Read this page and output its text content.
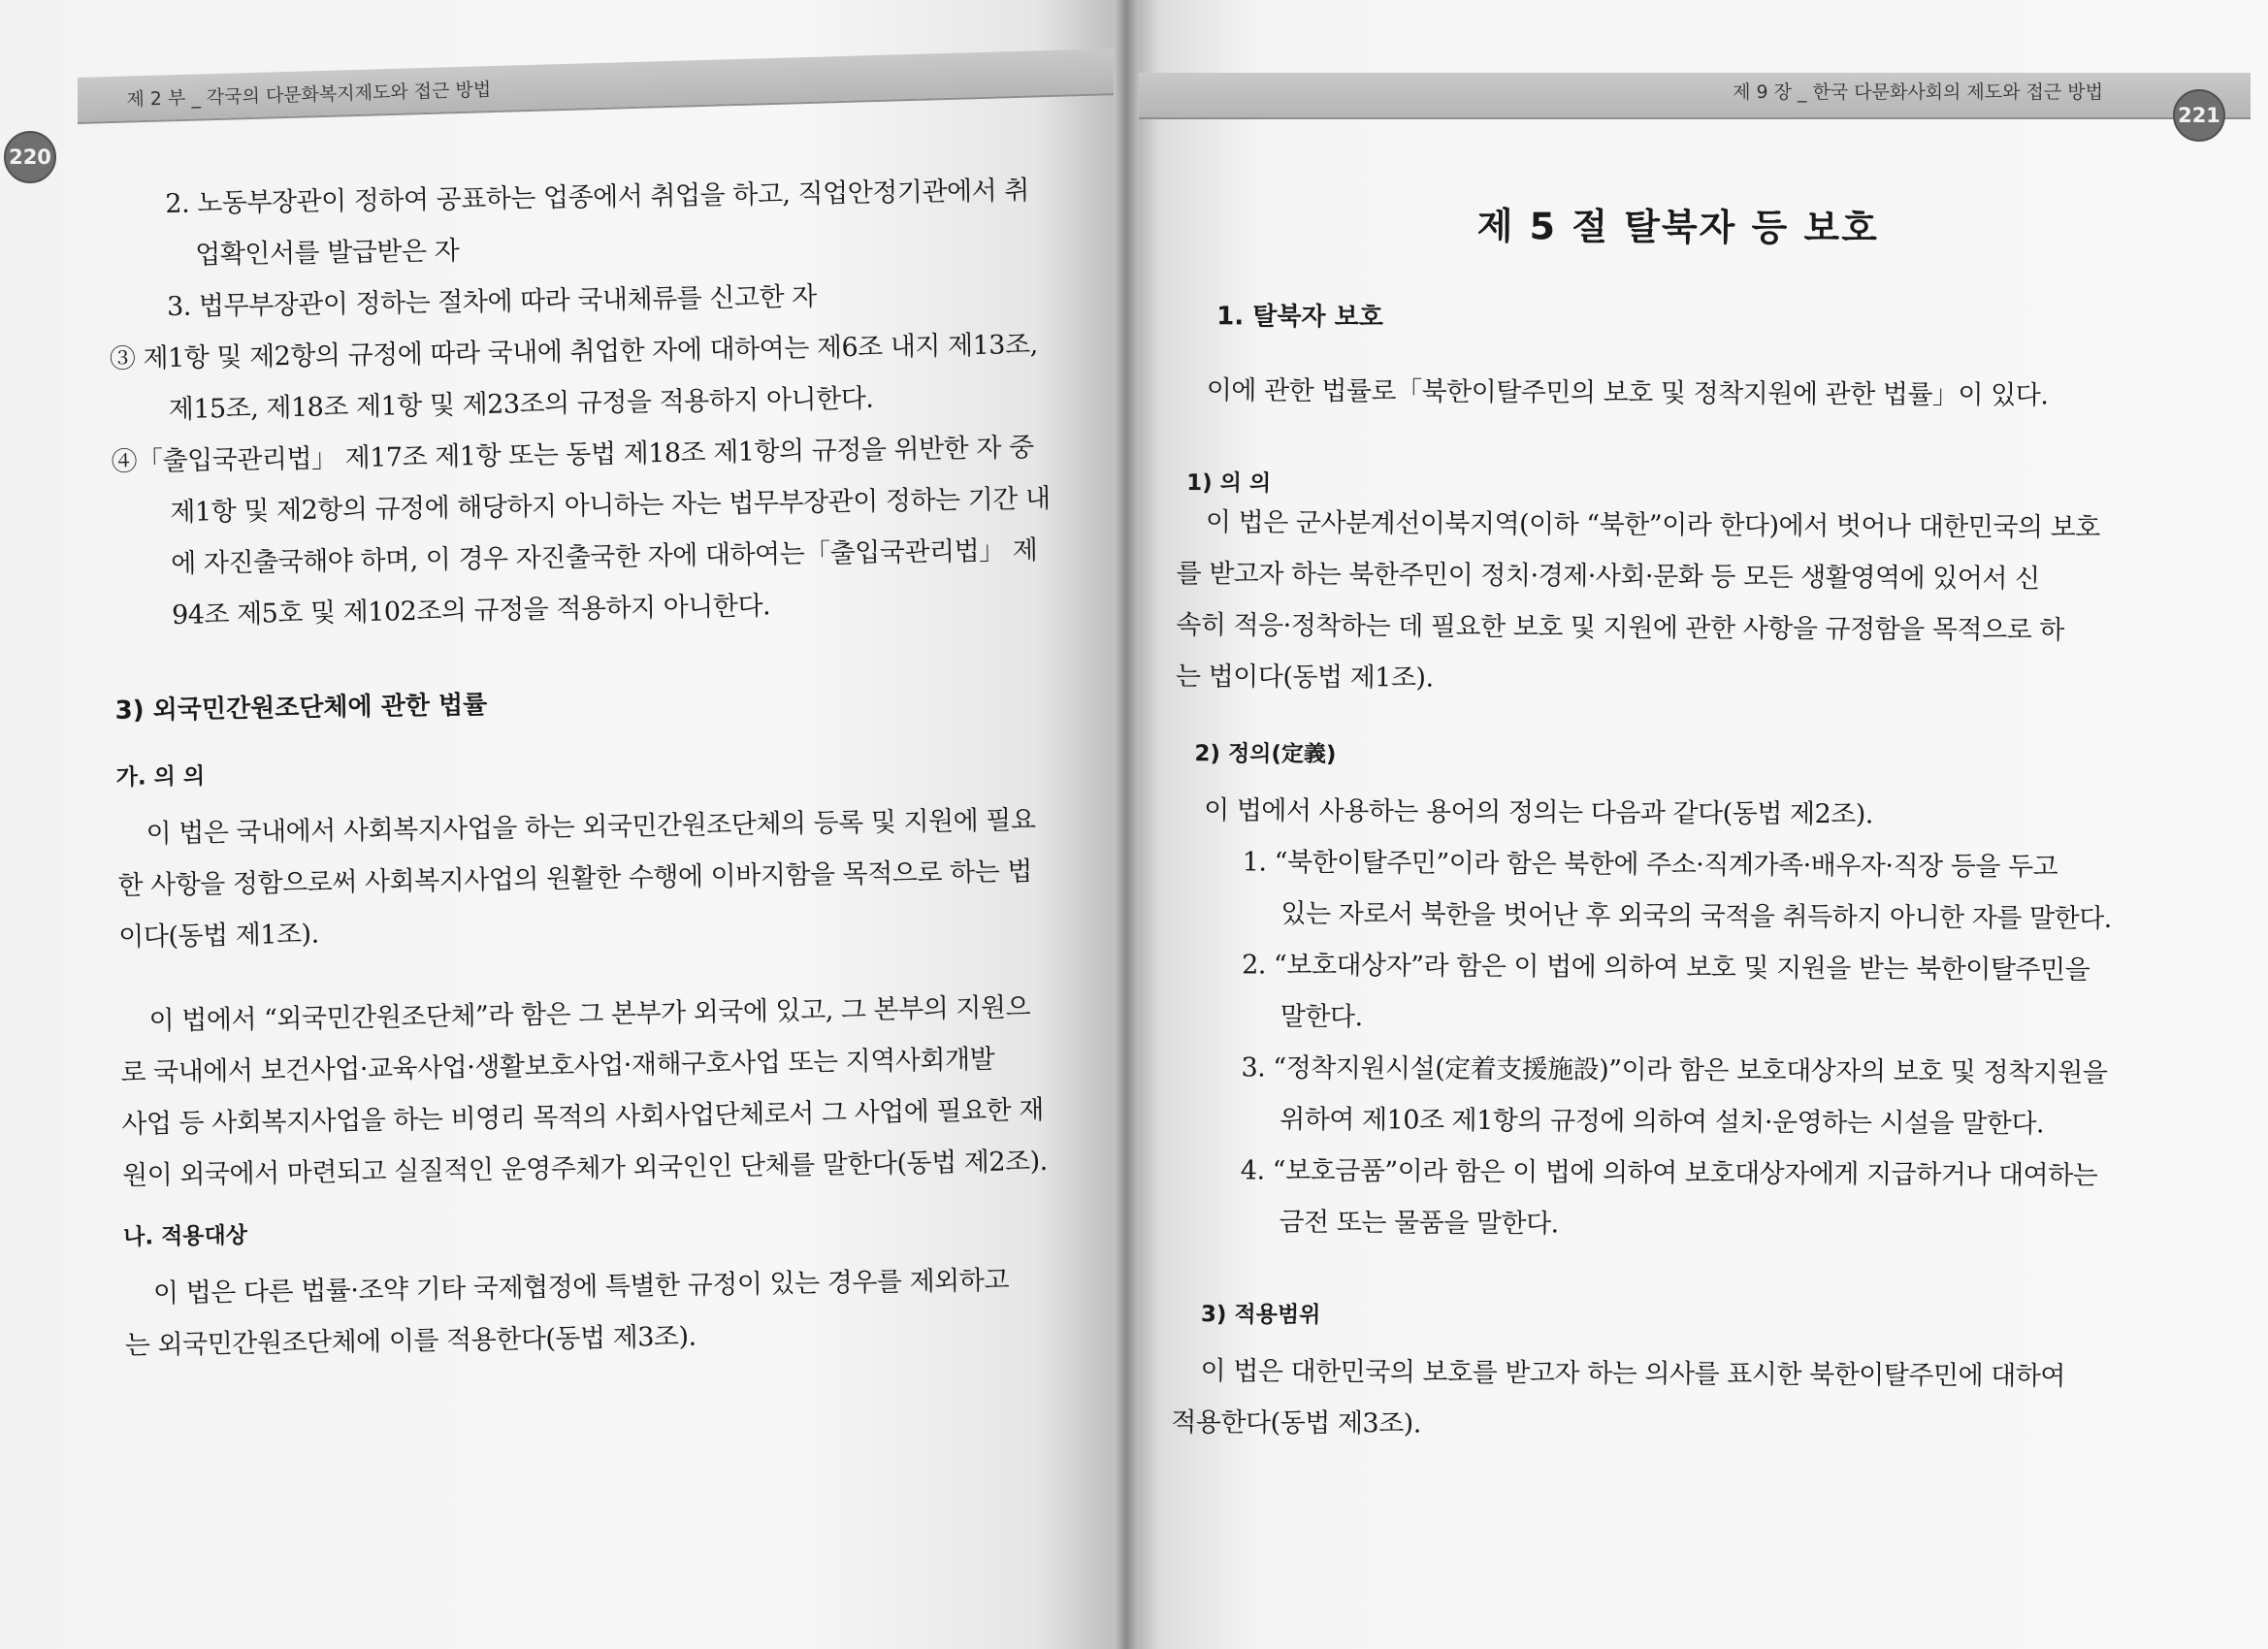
제 2 부 _ 각국의 다문화복지제도와 접근 방법
220

2. 노동부장관이 정하여 공표하는 업종에서 취업을 하고, 직업안정기관에서 취

업확인서를 발급받은 자

3. 법무부장관이 정하는 절차에 따라 국내체류를 신고한 자

③ 제1항 및 제2항의 규정에 따라 국내에 취업한 자에 대하여는 제6조 내지 제13조,

제15조, 제18조 제1항 및 제23조의 규정을 적용하지 아니한다.

④「출입국관리법」 제17조 제1항 또는 동법 제18조 제1항의 규정을 위반한 자 중

제1항 및 제2항의 규정에 해당하지 아니하는 자는 법무부장관이 정하는 기간 내

에 자진출국해야 하며, 이 경우 자진출국한 자에 대하여는「출입국관리법」 제

94조 제5호 및 제102조의 규정을 적용하지 아니한다.

3) 외국민간원조단체에 관한 법률
가. 의 의

이 법은 국내에서 사회복지사업을 하는 외국민간원조단체의 등록 및 지원에 필요

한 사항을 정함으로써 사회복지사업의 원활한 수행에 이바지함을 목적으로 하는 법

이다(동법 제1조).

이 법에서 “외국민간원조단체”라 함은 그 본부가 외국에 있고, 그 본부의 지원으

로 국내에서 보건사업·교육사업·생활보호사업·재해구호사업 또는 지역사회개발

사업 등 사회복지사업을 하는 비영리 목적의 사회사업단체로서 그 사업에 필요한 재

원이 외국에서 마련되고 실질적인 운영주체가 외국인인 단체를 말한다(동법 제2조).

나. 적용대상

이 법은 다른 법률·조약 기타 국제협정에 특별한 규정이 있는 경우를 제외하고

는 외국민간원조단체에 이를 적용한다(동법 제3조).

제 9 장 _ 한국 다문화사회의 제도와 접근 방법
221
제 5 절 탈북자 등 보호
1. 탈북자 보호

이에 관한 법률로「북한이탈주민의 보호 및 정착지원에 관한 법률」이 있다.

1) 의 의

이 법은 군사분계선이북지역(이하 “북한”이라 한다)에서 벗어나 대한민국의 보호

를 받고자 하는 북한주민이 정치·경제·사회·문화 등 모든 생활영역에 있어서 신

속히 적응·정착하는 데 필요한 보호 및 지원에 관한 사항을 규정함을 목적으로 하

는 법이다(동법 제1조).

2) 정의(定義)

이 법에서 사용하는 용어의 정의는 다음과 같다(동법 제2조).

1. “북한이탈주민”이라 함은 북한에 주소·직계가족·배우자·직장 등을 두고

있는 자로서 북한을 벗어난 후 외국의 국적을 취득하지 아니한 자를 말한다.

2. “보호대상자”라 함은 이 법에 의하여 보호 및 지원을 받는 북한이탈주민을

말한다.

3. “정착지원시설(定着支援施設)”이라 함은 보호대상자의 보호 및 정착지원을

위하여 제10조 제1항의 규정에 의하여 설치·운영하는 시설을 말한다.

4. “보호금품”이라 함은 이 법에 의하여 보호대상자에게 지급하거나 대여하는

금전 또는 물품을 말한다.

3) 적용범위

이 법은 대한민국의 보호를 받고자 하는 의사를 표시한 북한이탈주민에 대하여

적용한다(동법 제3조).
